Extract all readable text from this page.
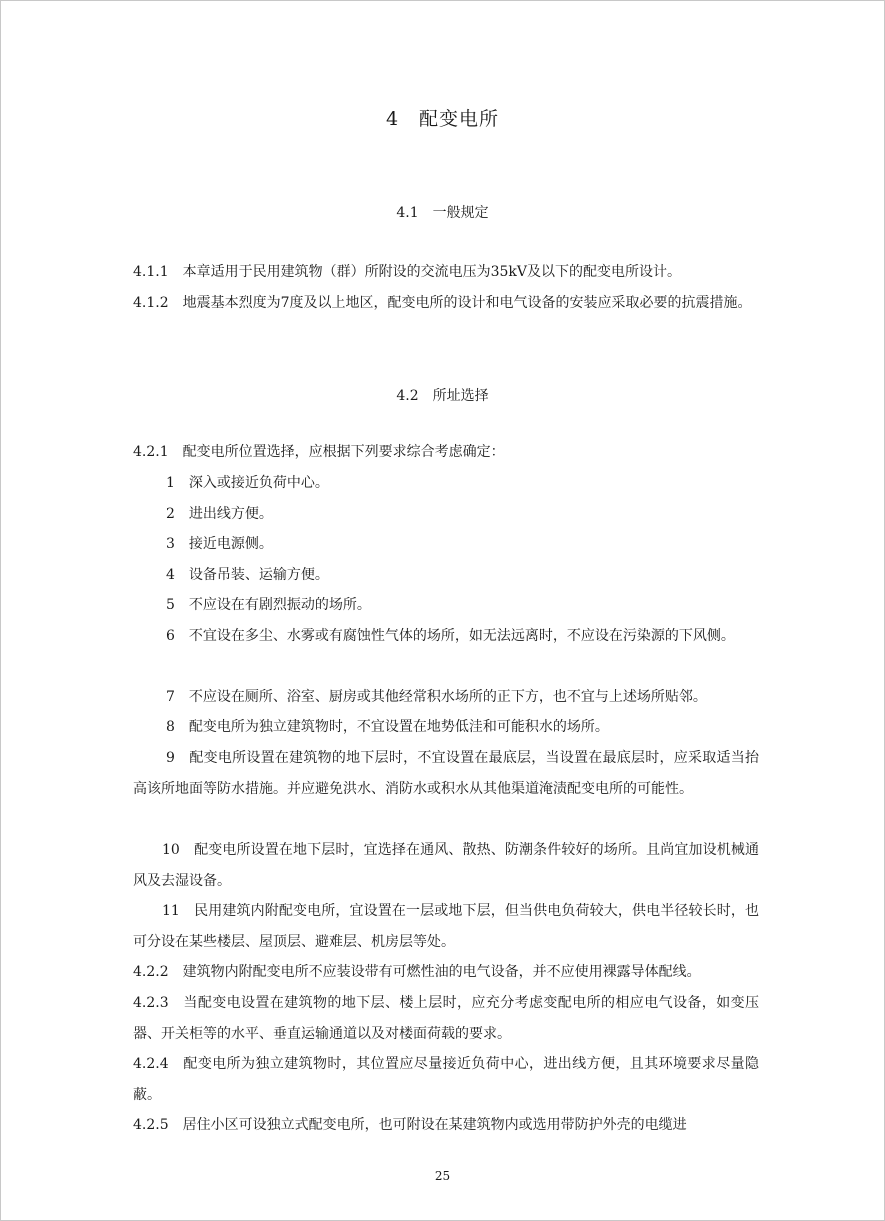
4　配变电所
4.1　一般规定
4.1.1　本章适用于民用建筑物（群）所附设的交流电压为35kV及以下的配变电所设计。
4.1.2　地震基本烈度为7度及以上地区，配变电所的设计和电气设备的安装应采取必要的抗震措施。
4.2　所址选择
4.2.1　配变电所位置选择，应根据下列要求综合考虑确定：
1　深入或接近负荷中心。
2　进出线方便。
3　接近电源侧。
4　设备吊装、运输方便。
5　不应设在有剧烈振动的场所。
6　不宜设在多尘、水雾或有腐蚀性气体的场所，如无法远离时，不应设在污染源的下风侧。
7　不应设在厕所、浴室、厨房或其他经常积水场所的正下方，也不宜与上述场所贴邻。
8　配变电所为独立建筑物时，不宜设置在地势低洼和可能积水的场所。
9　配变电所设置在建筑物的地下层时，不宜设置在最底层，当设置在最底层时，应采取适当抬高该所地面等防水措施。并应避免洪水、消防水或积水从其他渠道淹渍配变电所的可能性。
10　配变电所设置在地下层时，宜选择在通风、散热、防潮条件较好的场所。且尚宜加设机械通风及去湿设备。
11　民用建筑内附配变电所，宜设置在一层或地下层，但当供电负荷较大，供电半径较长时，也可分设在某些楼层、屋顶层、避难层、机房层等处。
4.2.2　建筑物内附配变电所不应装设带有可燃性油的电气设备，并不应使用裸露导体配线。
4.2.3　当配变电设置在建筑物的地下层、楼上层时，应充分考虑变配电所的相应电气设备，如变压器、开关柜等的水平、垂直运输通道以及对楼面荷载的要求。
4.2.4　配变电所为独立建筑物时，其位置应尽量接近负荷中心，进出线方便，且其环境要求尽量隐蔽。
4.2.5　居住小区可设独立式配变电所，也可附设在某建筑物内或选用带防护外壳的电缆进
25
